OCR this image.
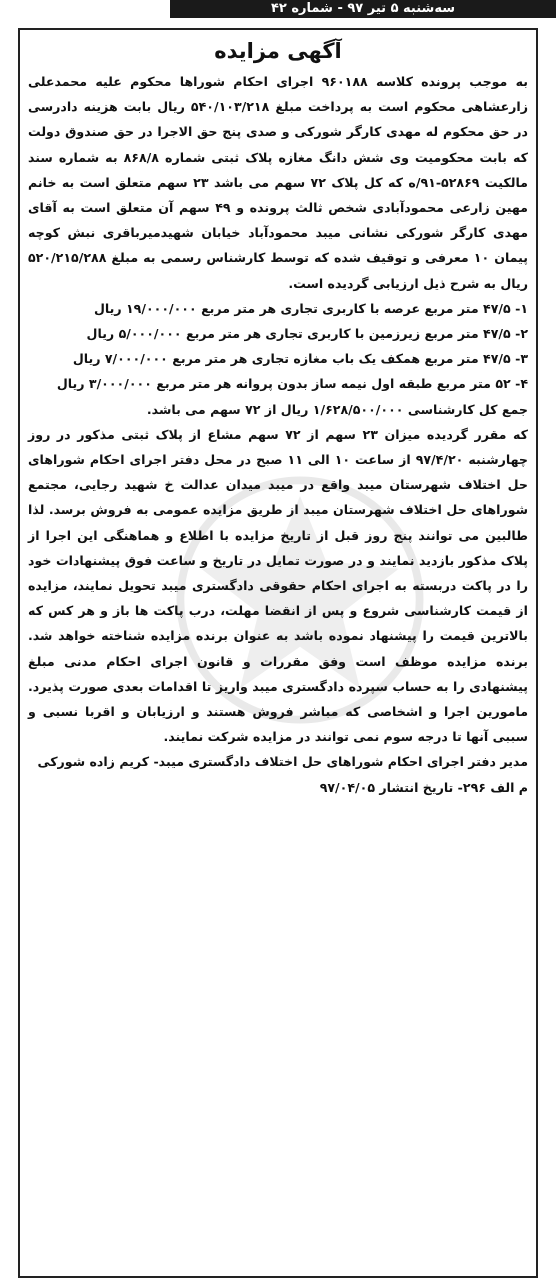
سه‌شنبه ۵ تیر ۹۷ - شماره ۴۲
آگهی مزایده

به موجب پرونده کلاسه ۹۶۰۱۸۸ اجرای احکام شوراها محکوم علیه محمدعلی زارعشاهی محکوم است به پرداخت مبلغ ۵۴۰/۱۰۳/۲۱۸ ریال بابت هزینه دادرسی در حق محکوم له مهدی کارگر شورکی و صدی پنج حق الاجرا در حق صندوق دولت که بابت محکومیت وی شش دانگ مغازه پلاک ثبتی شماره ۸۶۸/۸ به شماره سند مالکیت ۵۲۸۶۹-۹۱/ه که کل پلاک ۷۲ سهم می باشد ۲۳ سهم متعلق است به خانم مهین زارعی محمودآبادی شخص ثالث پرونده و ۴۹ سهم آن متعلق است به آقای مهدی کارگر شورکی نشانی میبد محمودآباد خیابان شهیدمیرباقری نبش کوچه پیمان ۱۰ معرفی و توقیف شده که توسط کارشناس رسمی به مبلغ ۵۲۰/۲۱۵/۲۸۸ ریال به شرح ذیل ارزیابی گردیده است.

۱- ۴۷/۵ متر مربع عرصه با کاربری تجاری هر متر مربع ۱۹/۰۰۰/۰۰۰ ریال

۲- ۴۷/۵ متر مربع زیرزمین با کاربری تجاری هر متر مربع ۵/۰۰۰/۰۰۰ ریال

۳- ۴۷/۵ متر مربع همکف یک باب مغازه تجاری هر متر مربع ۷/۰۰۰/۰۰۰ ریال

۴- ۵۲ متر مربع طبقه اول نیمه ساز بدون پروانه هر متر مربع ۳/۰۰۰/۰۰۰ ریال

جمع کل کارشناسی ۱/۶۲۸/۵۰۰/۰۰۰ ریال از ۷۲ سهم می باشد.

که مقرر گردیده میزان ۲۳ سهم از ۷۲ سهم مشاع از پلاک ثبتی مذکور در روز چهارشنبه ۹۷/۴/۲۰ از ساعت ۱۰ الی ۱۱ صبح در محل دفتر اجرای احکام شوراهای حل اختلاف شهرستان میبد واقع در میبد میدان عدالت خ شهید رجایی، مجتمع شوراهای حل اختلاف شهرستان میبد از طریق مزایده عمومی به فروش برسد. لذا طالبین می توانند پنج روز قبل از تاریخ مزایده با اطلاع و هماهنگی این اجرا از پلاک مذکور بازدید نمایند و در صورت تمایل در تاریخ و ساعت فوق پیشنهادات خود را در پاکت دربسته به اجرای احکام حقوقی دادگستری میبد تحویل نمایند، مزایده از قیمت کارشناسی شروع و پس از انقضا مهلت، درب پاکت ها باز و هر کس که بالاترین قیمت را پیشنهاد نموده باشد به عنوان برنده مزایده شناخته خواهد شد. برنده مزایده موظف است وفق مقررات و قانون اجرای احکام مدنی مبلغ پیشنهادی را به حساب سپرده دادگستری میبد واریز تا اقدامات بعدی صورت پذیرد. مامورین اجرا و اشخاصی که مباشر فروش هستند و ارزیابان و اقربا نسبی و سببی آنها تا درجه سوم نمی توانند در مزایده شرکت نمایند.

مدیر دفتر اجرای احکام شوراهای حل اختلاف دادگستری میبد- کریم زاده شورکی

م الف ۲۹۶- تاریخ انتشار ۹۷/۰۴/۰۵
